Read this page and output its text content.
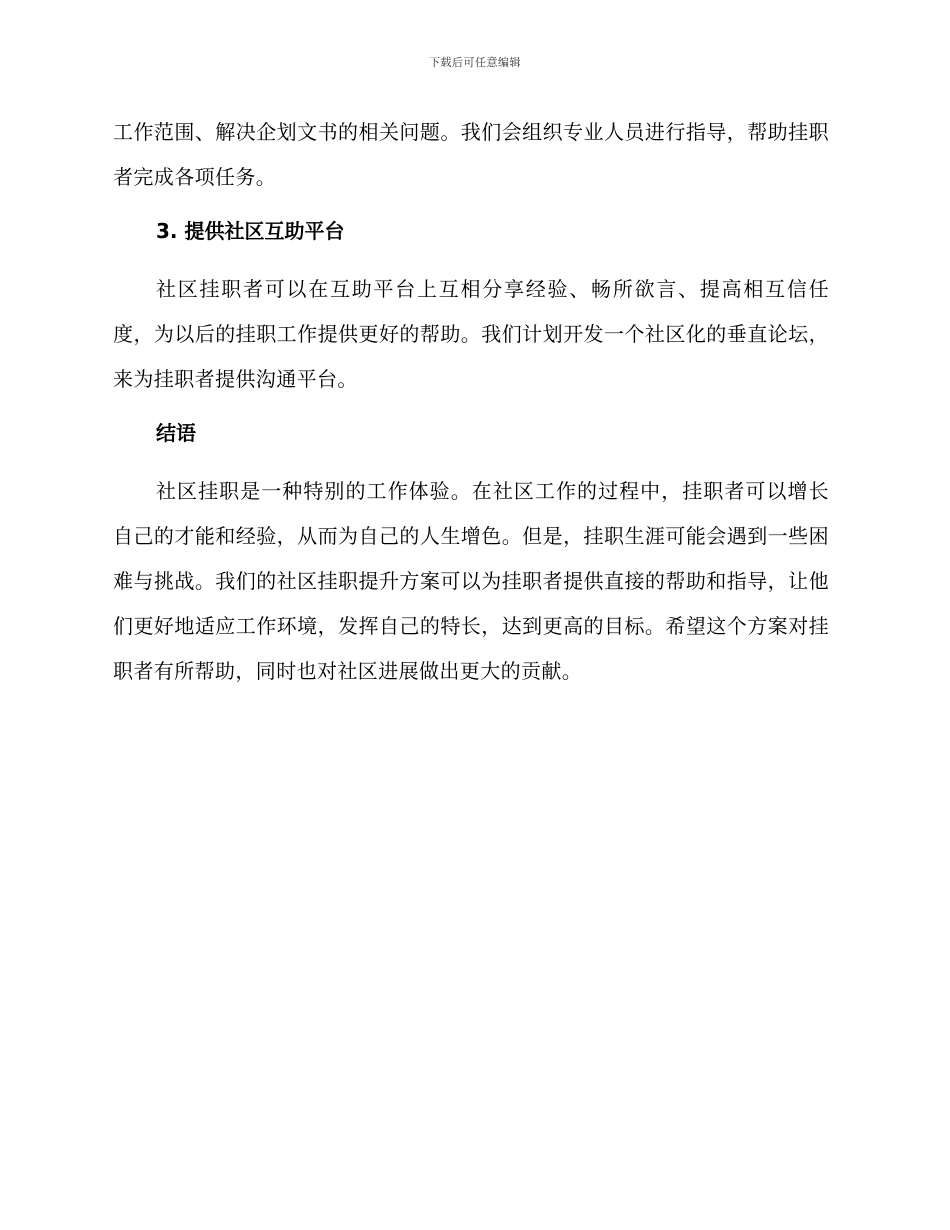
下载后可任意编辑

工作范围、解决企划文书的相关问题。我们会组织专业人员进行指导，帮助挂职者完成各项任务。

3. 提供社区互助平台

社区挂职者可以在互助平台上互相分享经验、畅所欲言、提高相互信任度，为以后的挂职工作提供更好的帮助。我们计划开发一个社区化的垂直论坛，来为挂职者提供沟通平台。

结语

社区挂职是一种特别的工作体验。在社区工作的过程中，挂职者可以增长自己的才能和经验，从而为自己的人生增色。但是，挂职生涯可能会遇到一些困难与挑战。我们的社区挂职提升方案可以为挂职者提供直接的帮助和指导，让他们更好地适应工作环境，发挥自己的特长，达到更高的目标。希望这个方案对挂职者有所帮助，同时也对社区进展做出更大的贡献。
